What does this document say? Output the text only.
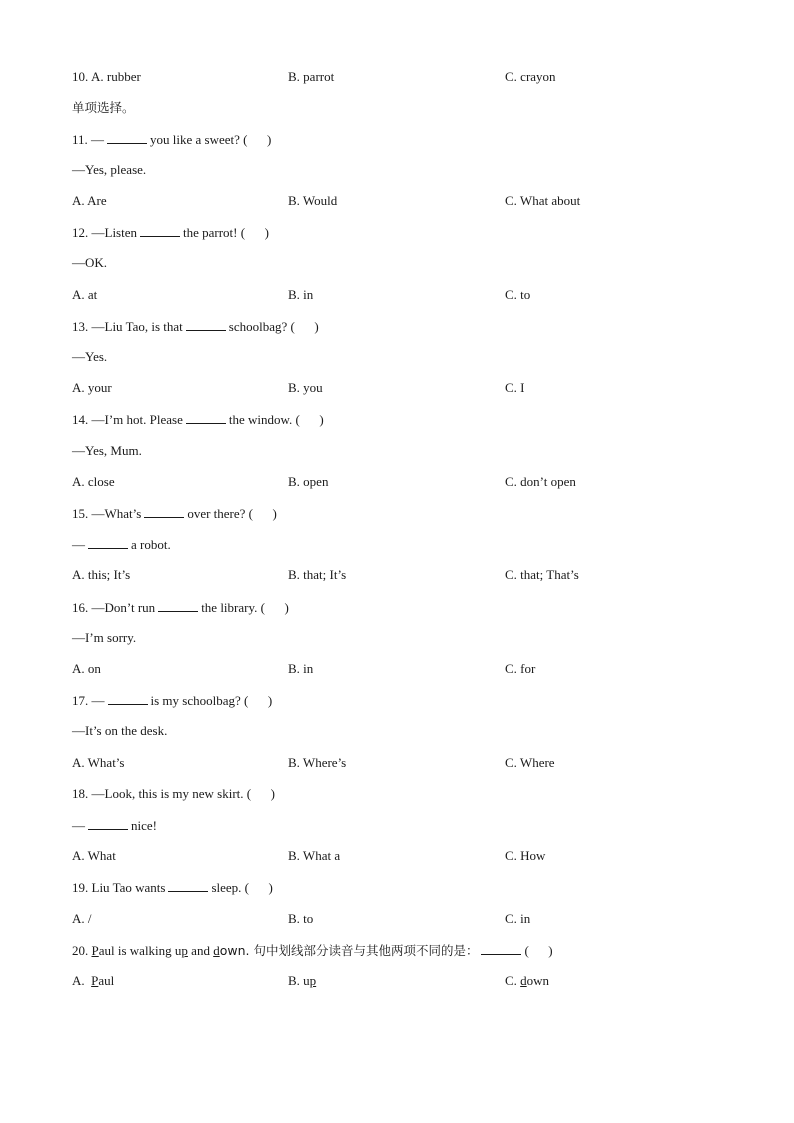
10. A. rubber	B. parrot	C. crayon
单项选择。
11. —	you like a sweet? (      )
—Yes, please.
A. Are	B. Would	C. What about
12. —Listen	the parrot! (      )
—OK.
A. at	B. in	C. to
13. —Liu Tao, is that	schoolbag? (      )
—Yes.
A. your	B. you	C. I
14. —I’m hot. Please	the window. (      )
—Yes, Mum.
A. close	B. open	C. don’t open
15. —What’s	over there? (      )
—	a robot.
A. this; It’s	B. that; It’s	C. that; That’s
16. —Don’t run	the library. (      )
—I’m sorry.
A. on	B. in	C. for
17. —	is my schoolbag? (      )
—It’s on the desk.
A. What’s	B. Where’s	C. Where
18. —Look, this is my new skirt. (      )
—	nice!
A. What	B. What a	C. How
19. Liu Tao wants	sleep. (      )
A. /	B. to	C. in
20. Paul is walking up and down. 句中划线部分读音与其他两项不同的是：	(      )
A.  Paul	B. up	C. down
